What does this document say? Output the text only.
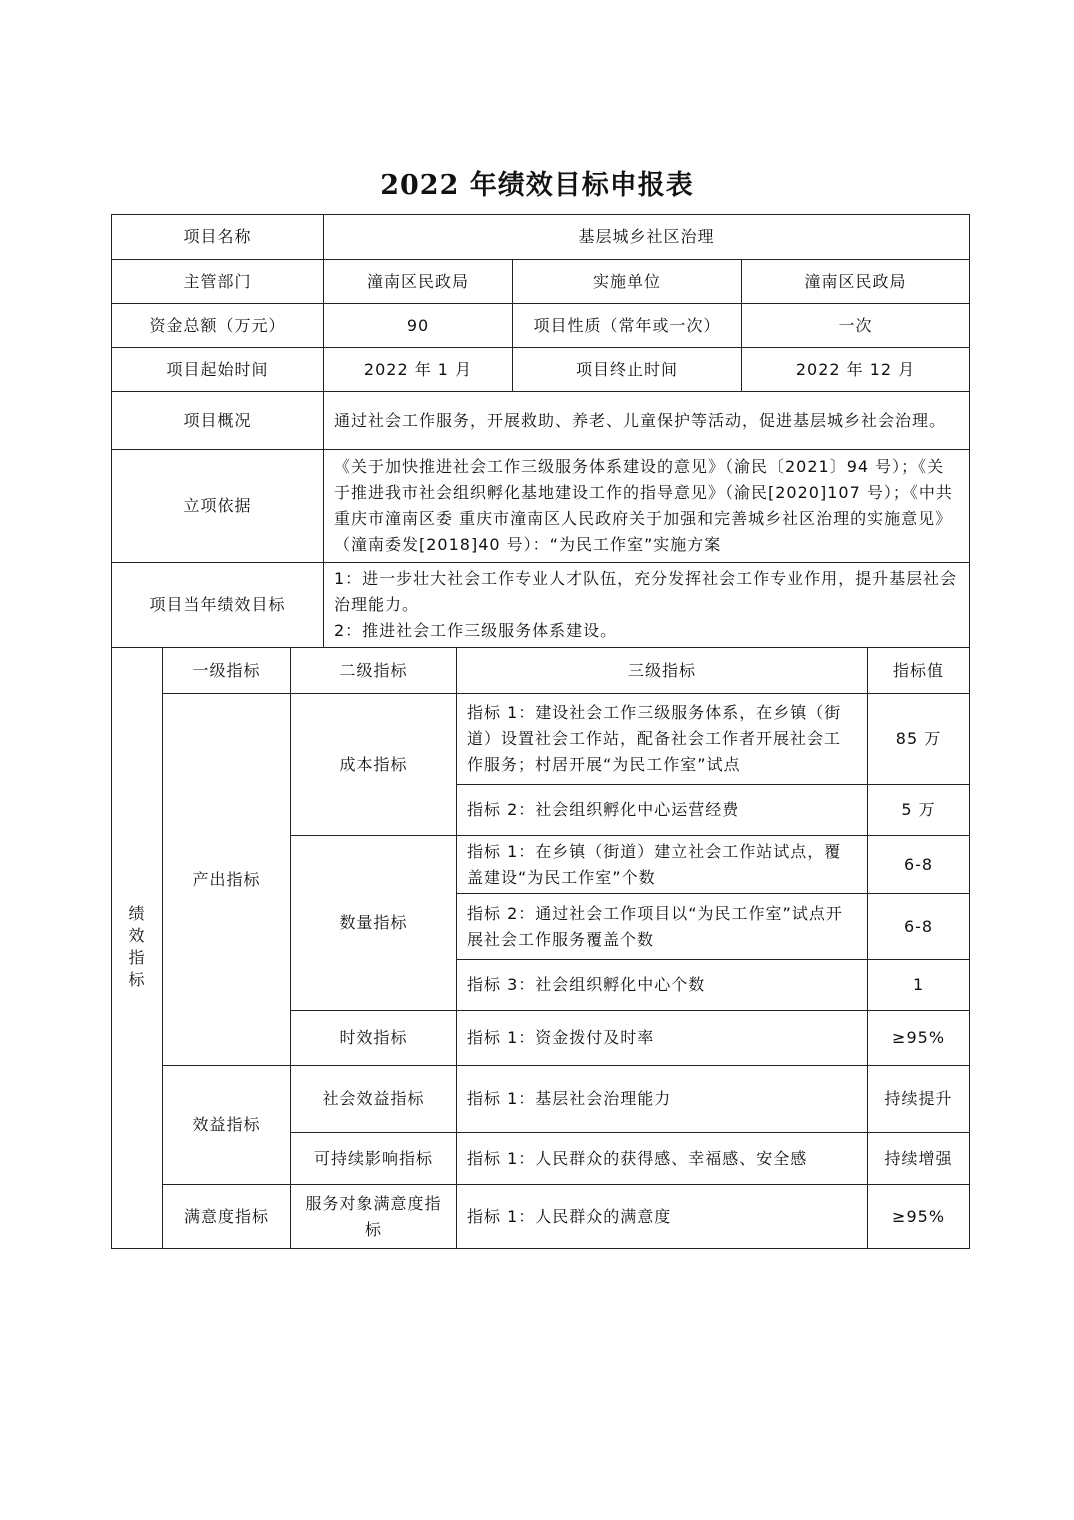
2022 年绩效目标申报表
项目名称			基层城乡社区治理				
主管部门			潼南区民政局		实施单位	潼南区民政局	
资金总额（万元）			90		项目性质（常年或一次）	一次	
项目起始时间			2022 年 1 月		项目终止时间	2022 年 12 月	
项目概况			通过社会工作服务，开展救助、养老、儿童保护等活动，促进基层城乡社会治理。				
立项依据			《关于加快推进社会工作三级服务体系建设的意见》（渝民〔2021〕94 号）；《关于推进我市社会组织孵化基地建设工作的指导意见》（渝民[2020]107 号）；《中共重庆市潼南区委 重庆市潼南区人民政府关于加强和完善城乡社区治理的实施意见》（潼南委发[2018]40 号）：“为民工作室”实施方案				
项目当年绩效目标			1：进一步壮大社会工作专业人才队伍，充分发挥社会工作专业作用，提升基层社会治理能力。
2：推进社会工作三级服务体系建设。				

绩效指标	一级指标	二级指标		三级指标			指标值
	产出指标	成本指标		指标 1：建设社会工作三级服务体系，在乡镇（街道）设置社会工作站，配备社会工作者开展社会工作服务；村居开展“为民工作室”试点			85 万
				指标 2：社会组织孵化中心运营经费			5 万
		数量指标		指标 1：在乡镇（街道）建立社会工作站试点，覆盖建设“为民工作室”个数			6-8
				指标 2：通过社会工作项目以“为民工作室”试点开展社会工作服务覆盖个数			6-8
				指标 3：社会组织孵化中心个数			1
		时效指标		指标 1：资金拨付及时率			≥95%
	效益指标	社会效益指标		指标 1：基层社会治理能力			持续提升
		可持续影响指标		指标 1：人民群众的获得感、幸福感、安全感			持续增强
	满意度指标	服务对象满意度指标		指标 1：人民群众的满意度			≥95%
